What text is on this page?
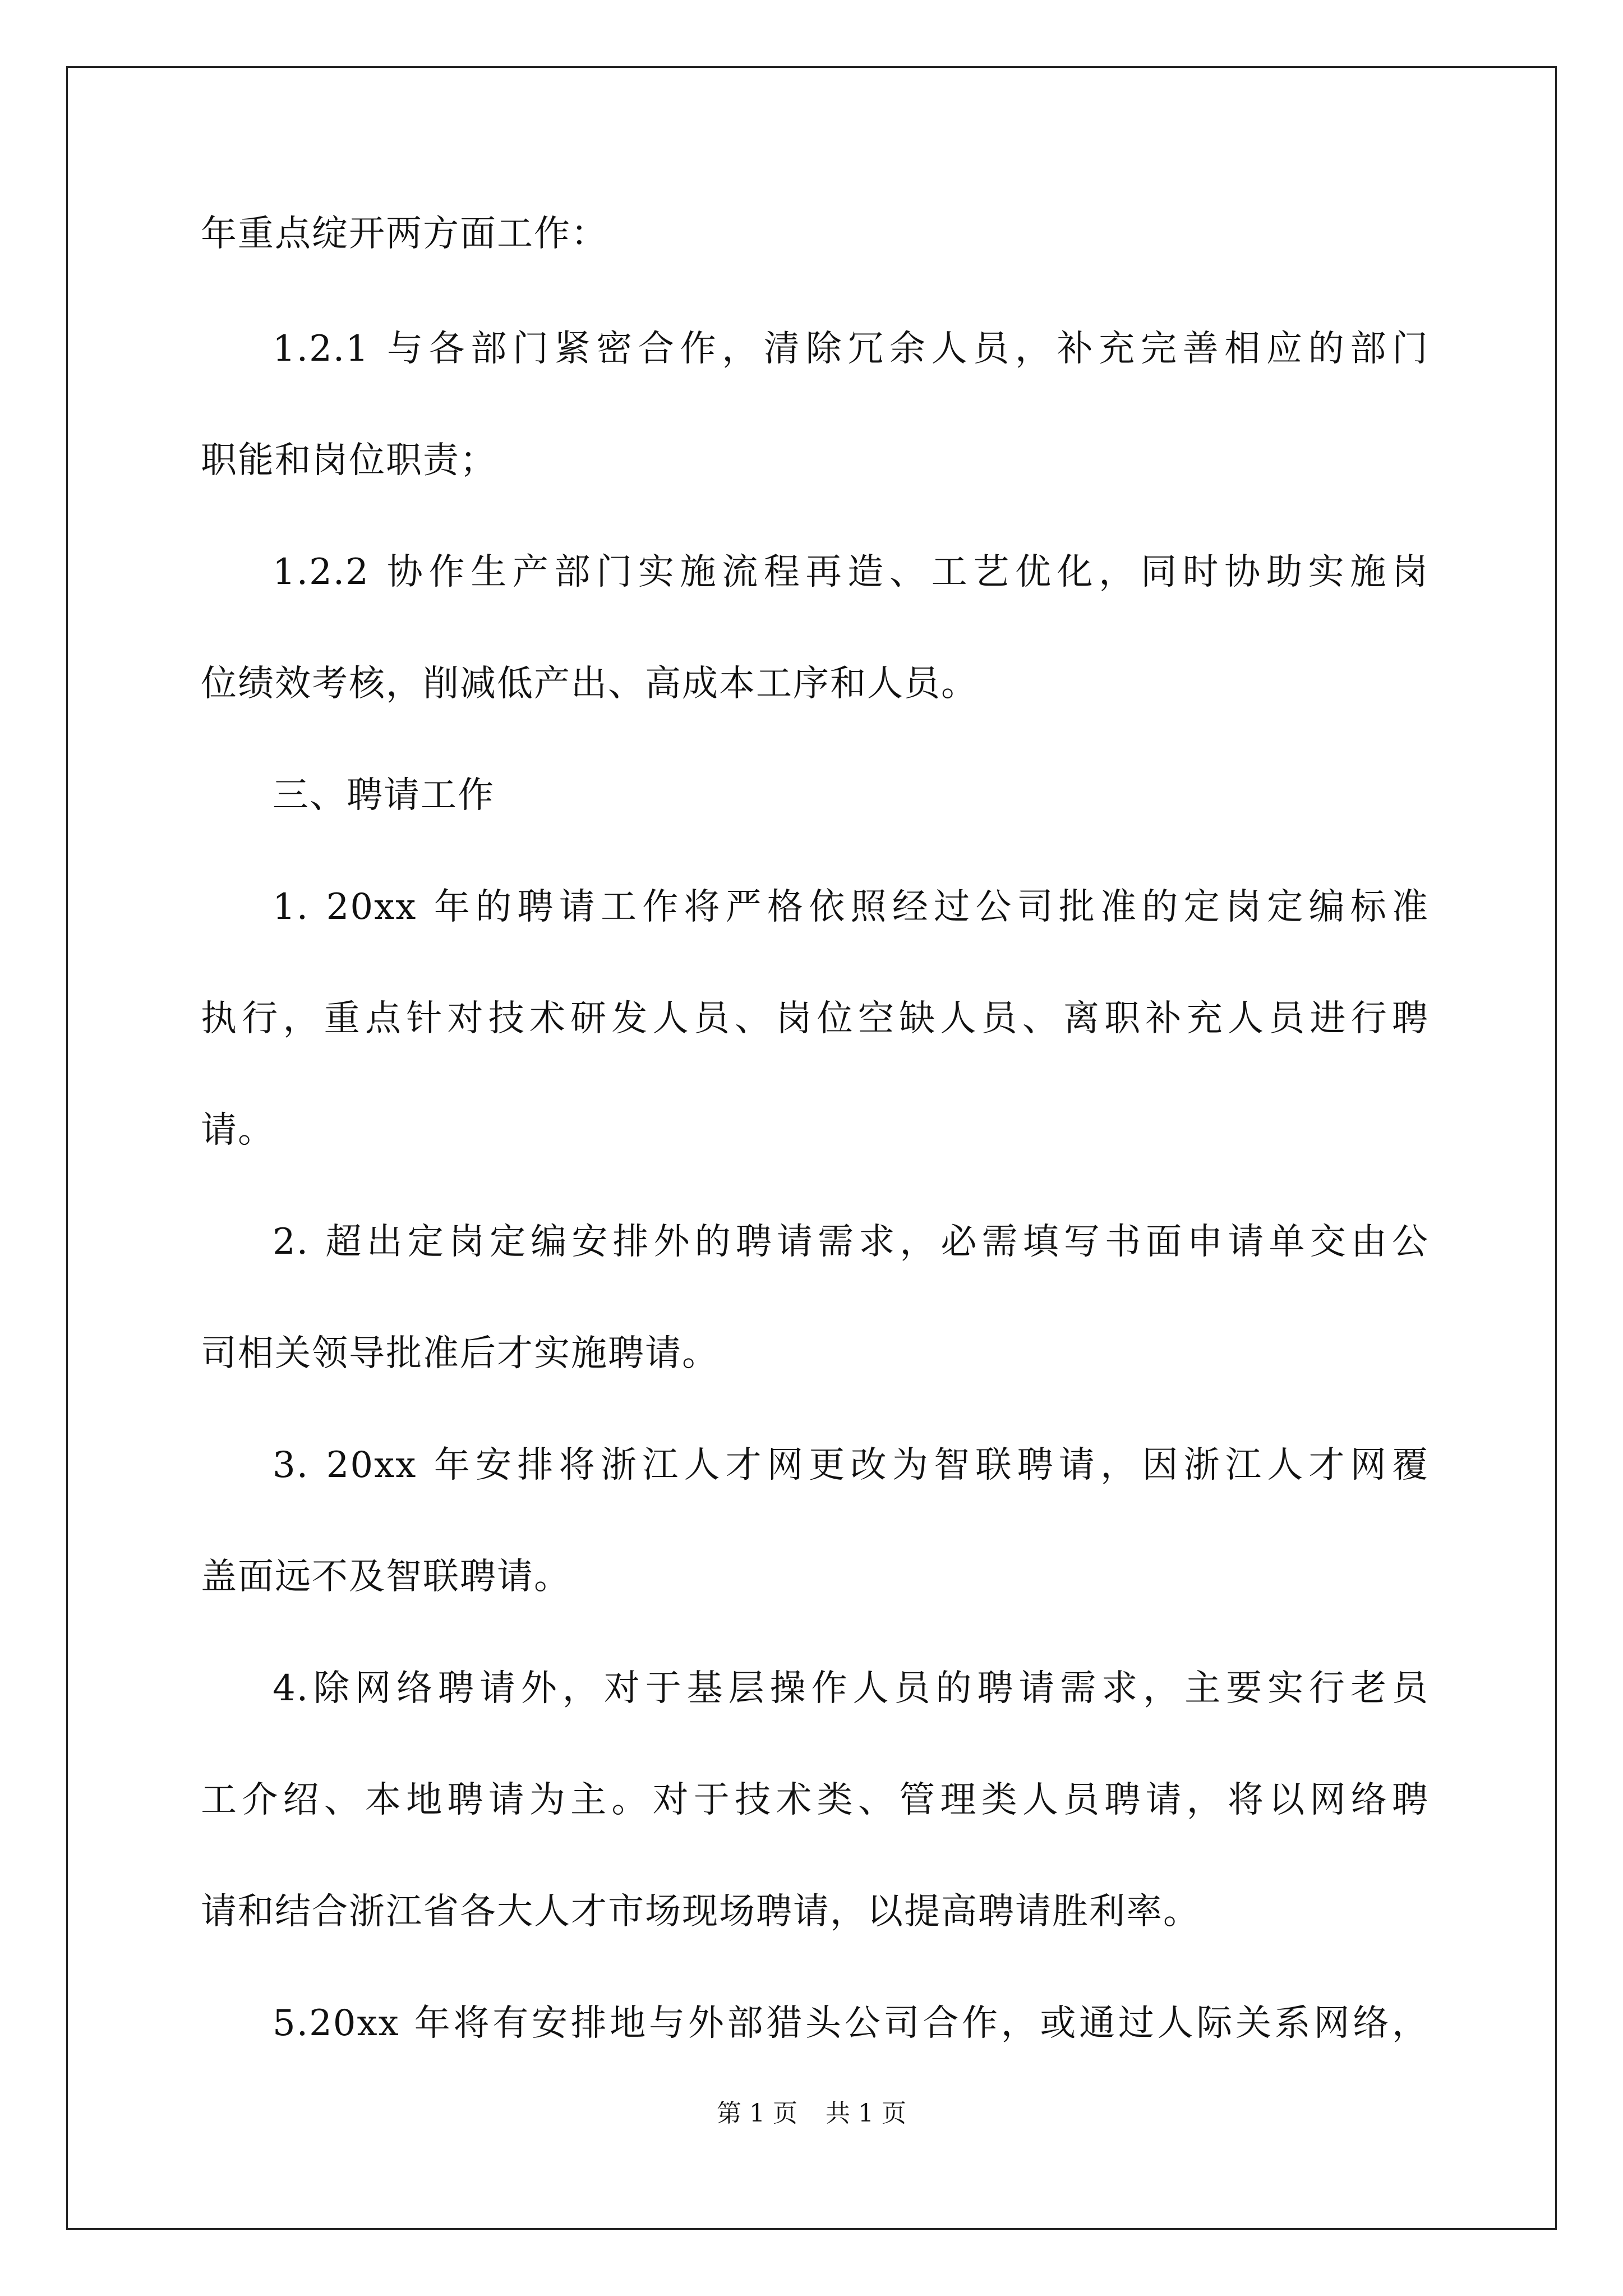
年重点绽开两方面工作：
1.2.1 与各部门紧密合作，清除冗余人员，补充完善相应的部门
职能和岗位职责；
1.2.2 协作生产部门实施流程再造、工艺优化，同时协助实施岗
位绩效考核，削减低产出、高成本工序和人员。
三、聘请工作
1. 20xx 年的聘请工作将严格依照经过公司批准的定岗定编标准
执行，重点针对技术研发人员、岗位空缺人员、离职补充人员进行聘
请。
2. 超出定岗定编安排外的聘请需求，必需填写书面申请单交由公
司相关领导批准后才实施聘请。
3. 20xx 年安排将浙江人才网更改为智联聘请，因浙江人才网覆
盖面远不及智联聘请。
4.除网络聘请外，对于基层操作人员的聘请需求，主要实行老员
工介绍、本地聘请为主。对于技术类、管理类人员聘请，将以网络聘
请和结合浙江省各大人才市场现场聘请，以提高聘请胜利率。
5.20xx 年将有安排地与外部猎头公司合作，或通过人际关系网络，
第 1 页 共 1 页
